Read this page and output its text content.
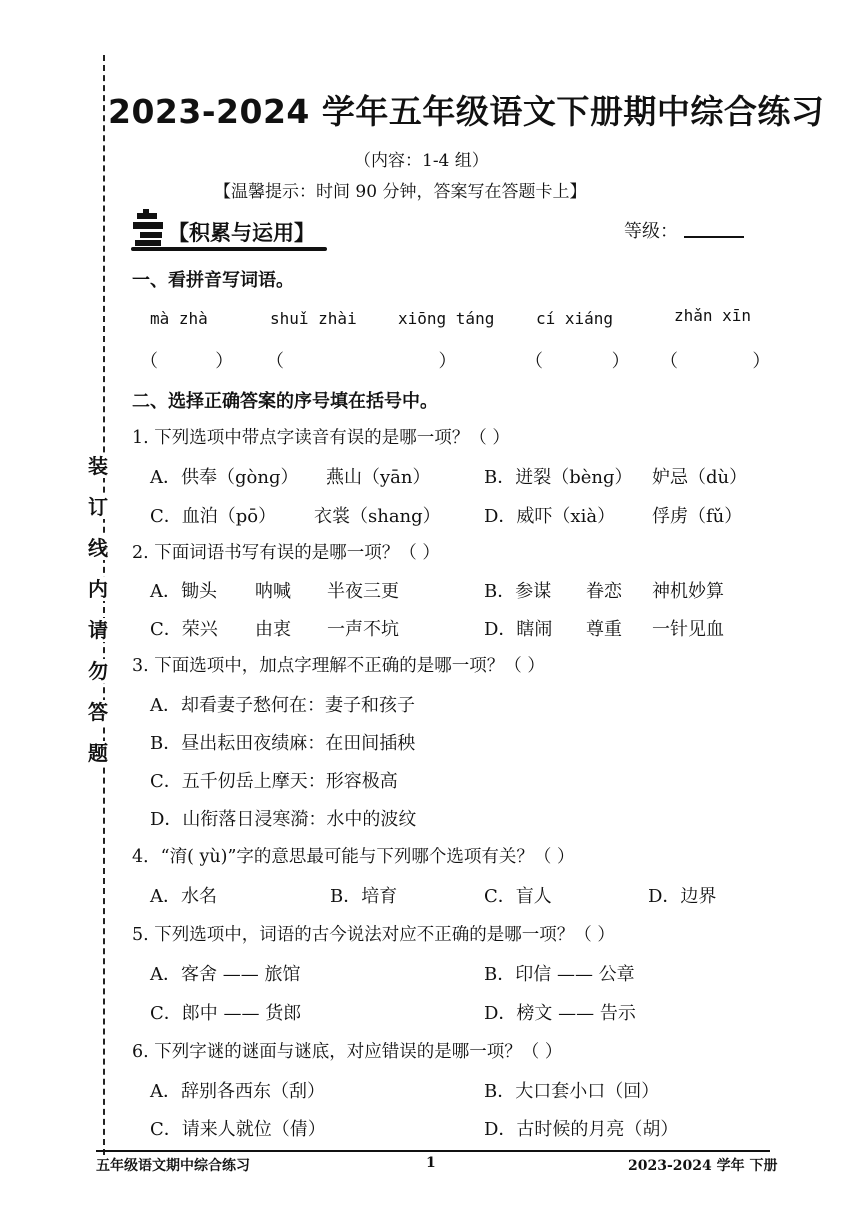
装
订
线
内
请
勿
答
题
2023-2024 学年五年级语文下册期中综合练习
（内容：1-4 组）
【温馨提示：时间 90 分钟，答案写在答题卡上】
【积累与运用】	等级：
一、看拼音写词语。
mà zhà	shuǐ zhài	xiōng táng	cí xiáng	zhǎn xīn
（          ） （                           ）	（            ） （             ）
二、选择正确答案的序号填在括号中。
1. 下列选项中带点字读音有误的是哪一项？（ ）
A．供奉（gònɡ） 燕山（yān）	B．迸裂（bènɡ） 妒忌（dù）
C．血泊（pō） 衣裳（shang） D．威吓（xià） 俘虏（fǔ）
2. 下面词语书写有误的是哪一项？（ ）
A．锄头 呐喊 半夜三更	B．参谋 眷恋 神机妙算
C．荣兴 由衷 一声不坑	D．瞎闹 尊重 一针见血
3. 下面选项中，加点字理解不正确的是哪一项？（ ）
A．却看妻子愁何在：妻子和孩子
B．昼出耘田夜绩麻：在田间插秧
C．五千仞岳上摩天：形容极高
D．山衔落日浸寒漪：水中的波纹
4．“淯( yù)”字的意思最可能与下列哪个选项有关？（ ）
A．水名	B．培育	C．盲人	D．边界
5. 下列选项中，词语的古今说法对应不正确的是哪一项？（ ）
A．客舍 —— 旅馆	B．印信 —— 公章
C．郎中 —— 货郎	D．榜文 —— 告示
6. 下列字谜的谜面与谜底，对应错误的是哪一项？（ ）
A．辞别各西东（刮）	B．大口套小口（回）
C．请来人就位（倩）	D．古时候的月亮（胡）
五年级语文期中综合练习	1	2023-2024 学年 下册
